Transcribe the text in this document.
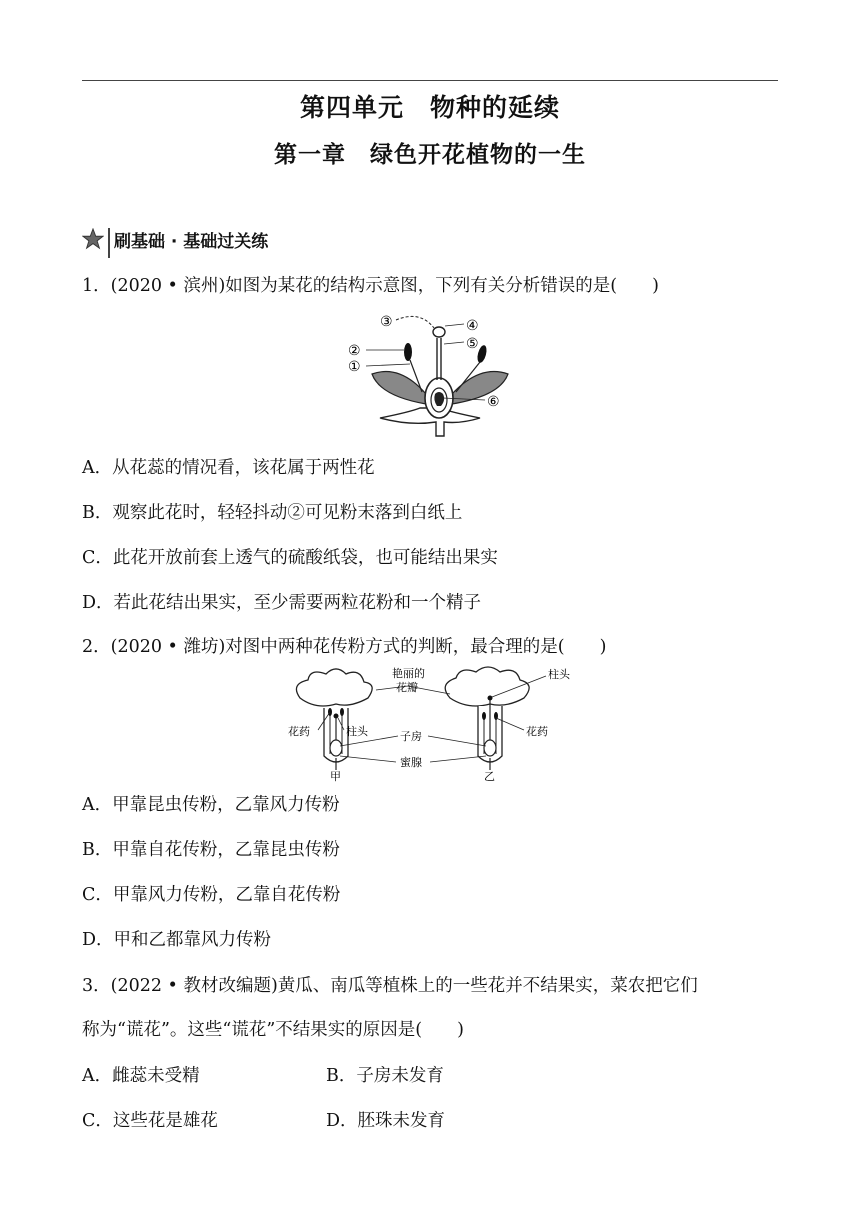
第四单元　物种的延续
第一章　绿色开花植物的一生
刷基础 · 基础过关练
1．(2020 • 滨州)如图为某花的结构示意图，下列有关分析错误的是(　　)
③	④
⑤
②
①
⑥
A．从花蕊的情况看，该花属于两性花
B．观察此花时，轻轻抖动②可见粉末落到白纸上
C．此花开放前套上透气的硫酸纸袋，也可能结出果实
D．若此花结出果实，至少需要两粒花粉和一个精子
2．(2020 • 潍坊)对图中两种花传粉方式的判断，最合理的是(　　)
艳丽的
花瓣
柱头
花药	柱头	子房	花药
蜜腺
甲	乙
A．甲靠昆虫传粉，乙靠风力传粉
B．甲靠自花传粉，乙靠昆虫传粉
C．甲靠风力传粉，乙靠自花传粉
D．甲和乙都靠风力传粉
3．(2022 • 教材改编题)黄瓜、南瓜等植株上的一些花并不结果实，菜农把它们
称为“谎花”。这些“谎花”不结果实的原因是(　　)
A．雌蕊未受精	B．子房未发育
C．这些花是雄花	D．胚珠未发育
